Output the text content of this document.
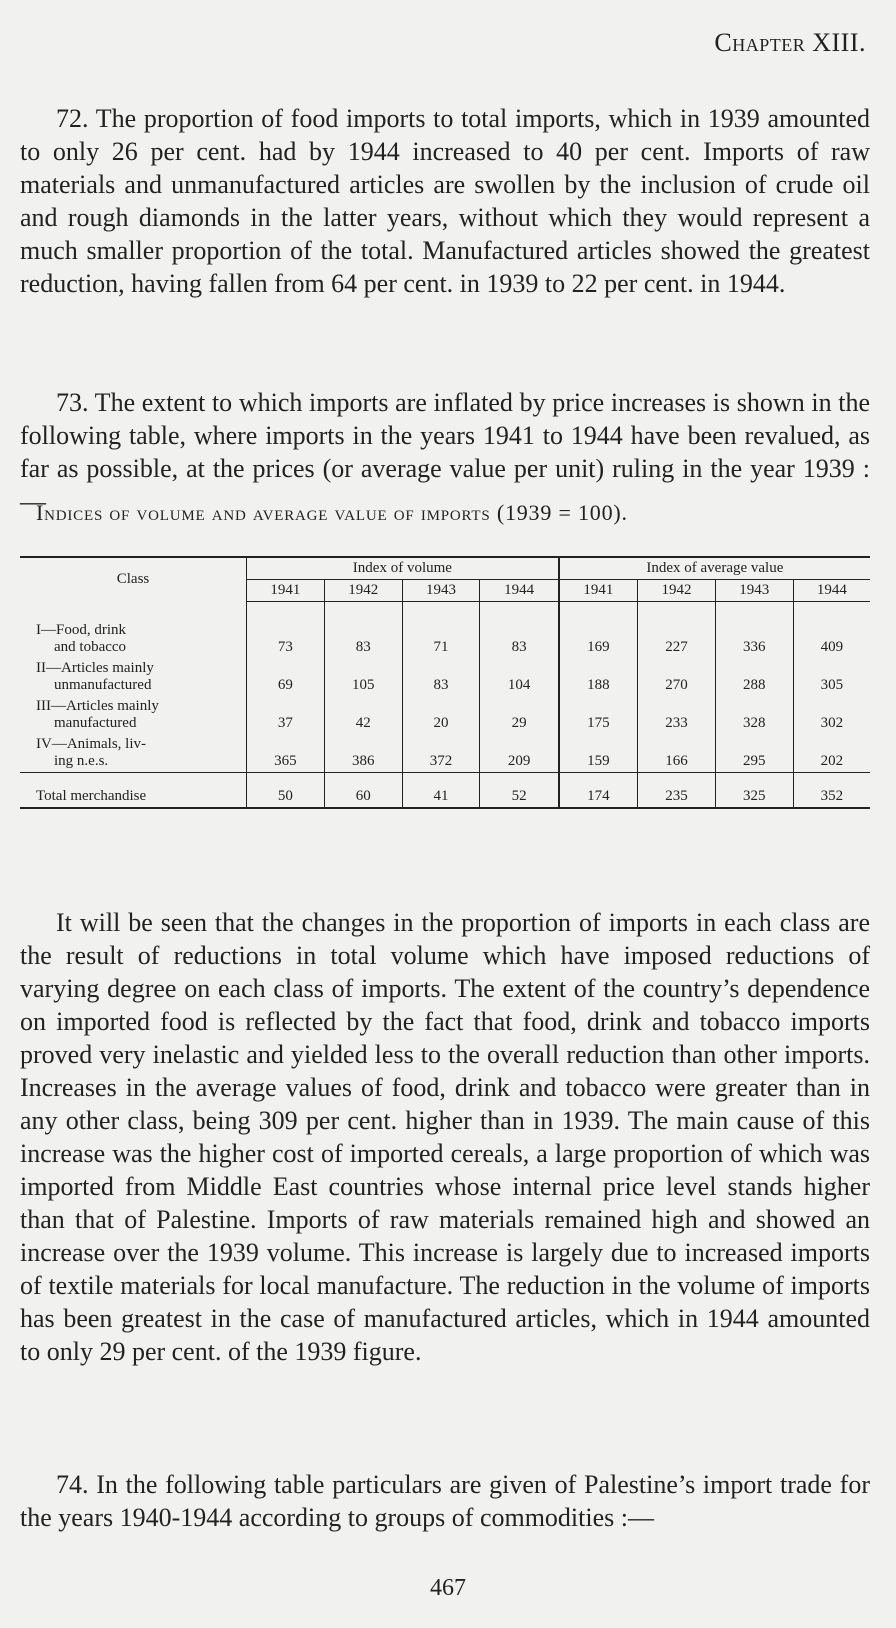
Chapter XIII.

72. The proportion of food imports to total imports, which in 1939 amounted to only 26 per cent. had by 1944 increased to 40 per cent. Imports of raw materials and unmanufactured articles are swollen by the inclusion of crude oil and rough diamonds in the latter years, without which they would represent a much smaller proportion of the total. Manufactured articles showed the greatest reduction, having fallen from 64 per cent. in 1939 to 22 per cent. in 1944.

73. The extent to which imports are inflated by price increases is shown in the following table, where imports in the years 1941 to 1944 have been revalued, as far as possible, at the prices (or average value per unit) ruling in the year 1939 :—

Indices of volume and average value of imports (1939 = 100).
Class	Index of volume				Index of average value			
	1941	1942	1943	1944	1941	1942	1943	1944
I—Food, drink
and tobacco	73	83	71	83	169	227	336	409
II—Articles mainly
unmanufactured	69	105	83	104	188	270	288	305
III—Articles mainly
manufactured	37	42	20	29	175	233	328	302
IV—Animals, liv-
ing n.e.s.	365	386	372	209	159	166	295	202
Total merchandise	50	60	41	52	174	235	325	352

It will be seen that the changes in the proportion of imports in each class are the result of reductions in total volume which have imposed reductions of varying degree on each class of imports. The extent of the country’s dependence on imported food is reflected by the fact that food, drink and tobacco imports proved very inelastic and yielded less to the overall reduction than other imports. Increases in the average values of food, drink and tobacco were greater than in any other class, being 309 per cent. higher than in 1939. The main cause of this increase was the higher cost of imported cereals, a large proportion of which was imported from Middle East countries whose internal price level stands higher than that of Palestine. Imports of raw materials remained high and showed an increase over the 1939 volume. This increase is largely due to increased imports of textile materials for local manufacture. The reduction in the volume of imports has been greatest in the case of manufactured articles, which in 1944 amounted to only 29 per cent. of the 1939 figure.

74. In the following table particulars are given of Palestine’s import trade for the years 1940-1944 according to groups of commodities :—

467
